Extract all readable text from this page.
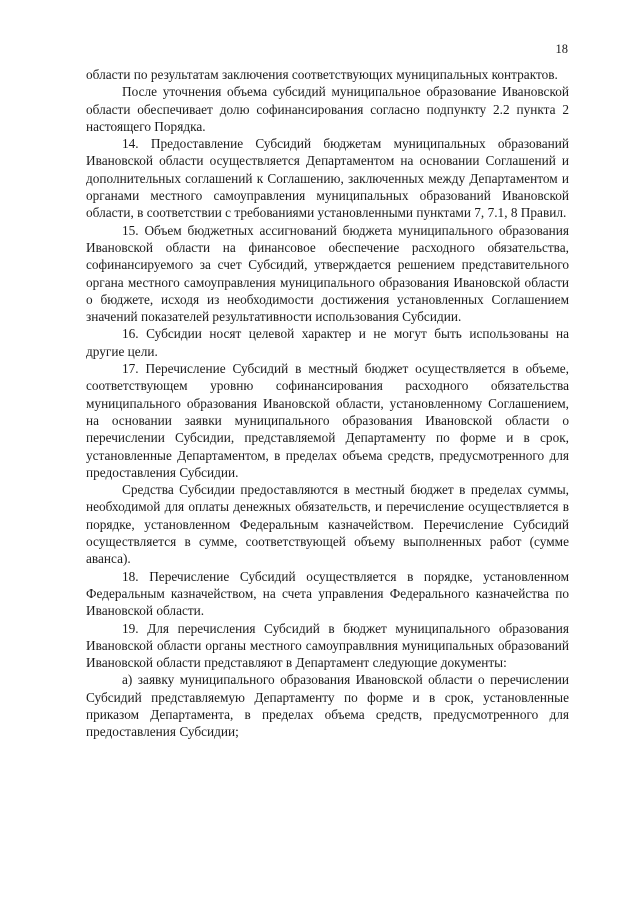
18

области по результатам заключения соответствующих муниципальных контрактов.

После уточнения объема субсидий муниципальное образование Ивановской области обеспечивает долю софинансирования согласно подпункту 2.2 пункта 2 настоящего Порядка.

14. Предоставление Субсидий бюджетам муниципальных образований Ивановской области осуществляется Департаментом на основании Соглашений и дополнительных соглашений к Соглашению, заключенных между Департаментом и органами местного самоуправления муниципальных образований Ивановской области, в соответствии с требованиями установленными пунктами 7, 7.1, 8 Правил.

15. Объем бюджетных ассигнований бюджета муниципального образования Ивановской области на финансовое обеспечение расходного обязательства, софинансируемого за счет Субсидий, утверждается решением представительного органа местного самоуправления муниципального образования Ивановской области о бюджете, исходя из необходимости достижения установленных Соглашением значений показателей результативности использования Субсидии.

16. Субсидии носят целевой характер и не могут быть использованы на другие цели.

17. Перечисление Субсидий в местный бюджет осуществляется в объеме, соответствующем уровню софинансирования расходного обязательства муниципального образования Ивановской области, установленному Соглашением, на основании заявки муниципального образования Ивановской области о перечислении Субсидии, представляемой Департаменту по форме и в срок, установленные Департаментом, в пределах объема средств, предусмотренного для предоставления Субсидии.

Средства Субсидии предоставляются в местный бюджет в пределах суммы, необходимой для оплаты денежных обязательств, и перечисление осуществляется в порядке, установленном Федеральным казначейством. Перечисление Субсидий осуществляется в сумме, соответствующей объему выполненных работ (сумме аванса).

18. Перечисление Субсидий осуществляется в порядке, установленном Федеральным казначейством, на счета управления Федерального казначейства по Ивановской области.

19. Для перечисления Субсидий в бюджет муниципального образования Ивановской области органы местного самоуправлвния муниципальных образований Ивановской области представляют в Департамент следующие документы:

а) заявку муниципального образования Ивановской области о перечислении Субсидий представляемую Департаменту по форме и в срок, установленные приказом Департамента, в пределах объема средств, предусмотренного для предоставления Субсидии;
